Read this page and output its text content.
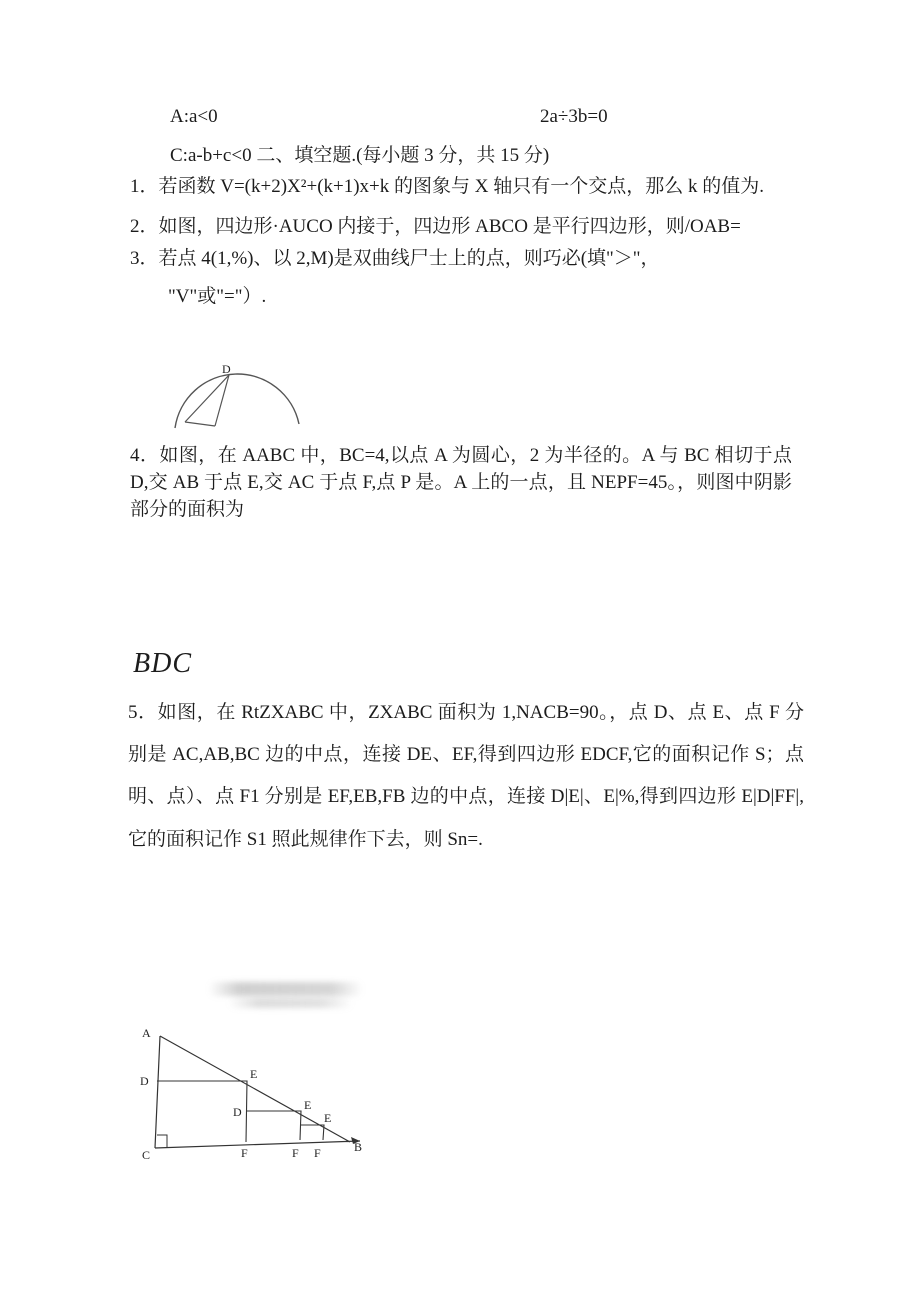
A:a<0	2a÷3b=0
C:a-b+c<0 二、填空题.(每小题 3 分，共 15 分)

1．若函数 V=(k+2)X²+(k+1)x+k 的图象与 X 轴只有一个交点，那么 k 的值为.

2．如图，四边形·AUCO 内接于，四边形 ABCO 是平行四边形，则/OAB=

3．若点 4(1,%)、以 2,M)是双曲线尸士上的点，则巧必(填"＞"，

"V"或"="）.

D

4．如图，在 AABC 中，BC=4,以点 A 为圆心，2 为半径的。A 与 BC 相切于点 D,交 AB 于点 E,交 AC 于点 F,点 P 是。A 上的一点，且 NEPF=45。，则图中阴影部分的面积为

BDC

5．如图，在 RtZXABC 中，ZXABC 面积为 1,NACB=90。，点 D、点 E、点 F 分别是 AC,AB,BC 边的中点，连接 DE、EF,得到四边形 EDCF,它的面积记作 S；点明、点）、点 F1 分别是 EF,EB,FB 边的中点，连接 D|E|、E|%,得到四边形 E|D|FF|,它的面积记作 S1 照此规律作下去，则 Sn=.

A
D	E
D	E
E
C	F	F F	B
